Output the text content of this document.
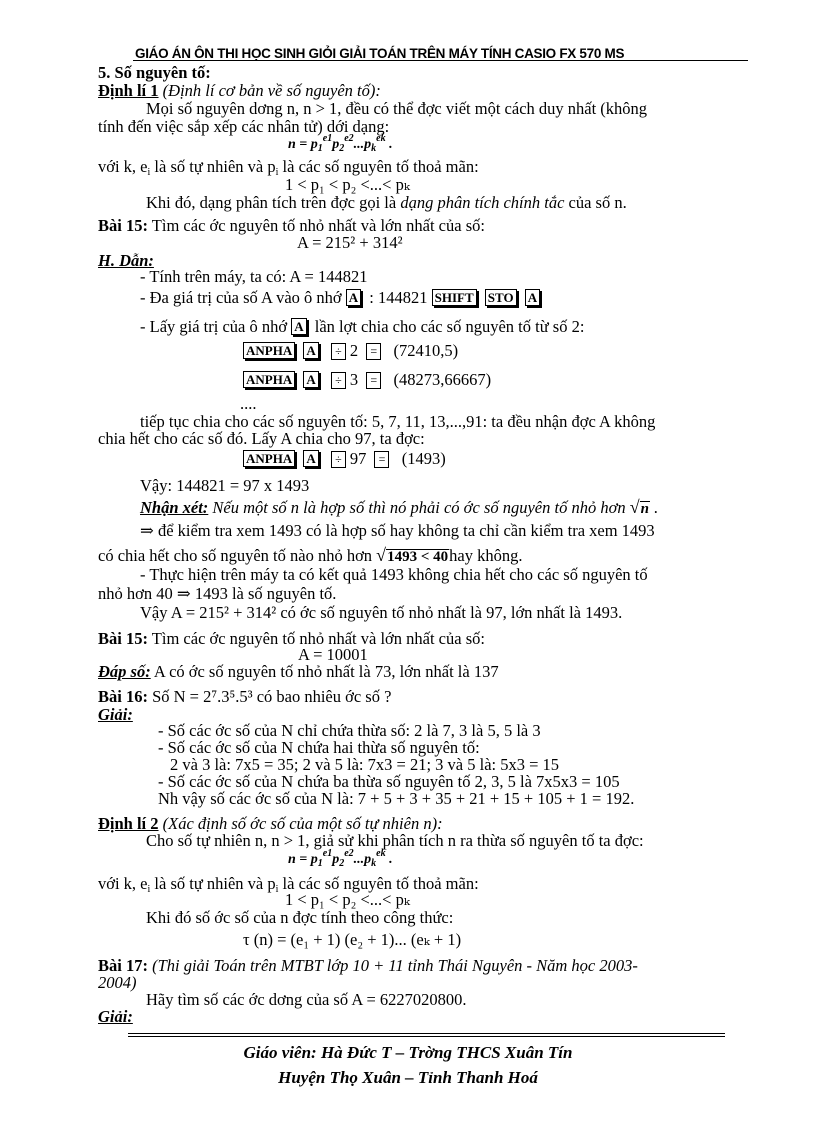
GIÁO ÁN ÔN THI HỌC SINH GIỎI GIẢI TOÁN TRÊN MÁY TÍNH CASIO FX 570 MS
5. Số nguyên tố:
Định lí 1 (Định lí cơ bản về số nguyên tố):
Mọi số nguyên dơng n, n > 1, đều có thể đợc viết một cách duy nhất (không
tính đến việc sắp xếp các nhân tử) dới dạng:
$n = p_1^{e1}p_2^{e2}...p_k^{ek}$ .
với k, $e_i$ là số tự nhiên và $p_i$ là các số nguyên tố thoả mãn:
1 < p₁ < p₂ <...< pₖ
Khi đó, dạng phân tích trên đợc gọi là dạng phân tích chính tắc của số n.
Bài 15: Tìm các ớc nguyên tố nhỏ nhất và lớn nhất của số:
A = 215² + 314²
H. Dẫn:
- Tính trên máy, ta có: A = 144821
- Đa giá trị của số A vào ô nhớ A : 144821 SHIFT STO A
- Lấy giá trị của ô nhớ A lần lợt chia cho các số nguyên tố từ số 2:
ANPHA A ÷ 2 = (72410,5)
ANPHA A ÷ 3 = (48273,66667)
....
tiếp tục chia cho các số nguyên tố: 5, 7, 11, 13,...,91: ta đều nhận đợc A không
chia hết cho các số đó. Lấy A chia cho 97, ta đợc:
ANPHA A ÷ 97 = (1493)
Vậy: 144821 = 97 x 1493
Nhận xét: Nếu một số n là hợp số thì nó phải có ớc số nguyên tố nhỏ hơn √n .
⇒ để kiểm tra xem 1493 có là hợp số hay không ta chỉ cần kiểm tra xem 1493
có chia hết cho số nguyên tố nào nhỏ hơn √1493 < 40hay không.
- Thực hiện trên máy ta có kết quả 1493 không chia hết cho các số nguyên tố
nhỏ hơn 40 ⇒ 1493 là số nguyên tố.
Vậy A = 215² + 314² có ớc số nguyên tố nhỏ nhất là 97, lớn nhất là 1493.
Bài 15: Tìm các ớc nguyên tố nhỏ nhất và lớn nhất của số:
A = 10001
Đáp số: A có ớc số nguyên tố nhỏ nhất là 73, lớn nhất là 137
Bài 16: Số N = 2⁷.3⁵.5³ có bao nhiêu ớc số ?
Giải:
- Số các ớc số của N chỉ chứa thừa số: 2 là 7, 3 là 5, 5 là 3
- Số các ớc số của N chứa hai thừa số nguyên tố:
2 và 3 là: 7x5 = 35; 2 và 5 là: 7x3 = 21; 3 và 5 là: 5x3 = 15
- Số các ớc số của N chứa ba thừa số nguyên tố 2, 3, 5 là 7x5x3 = 105
Nh vậy số các ớc số của N là: 7 + 5 + 3 + 35 + 21 + 15 + 105 + 1 = 192.
Định lí 2 (Xác định số ớc số của một số tự nhiên n):
Cho số tự nhiên n, n > 1, giả sử khi phân tích n ra thừa số nguyên tố ta đợc:
$n = p_1^{e1}p_2^{e2}...p_k^{ek}$ .
với k, $e_i$ là số tự nhiên và $p_i$ là các số nguyên tố thoả mãn:
1 < p₁ < p₂ <...< pₖ
Khi đó số ớc số của n đợc tính theo công thức:
τ (n) = (e₁ + 1) (e₂ + 1)... (eₖ + 1)
Bài 17: (Thi giải Toán trên MTBT lớp 10 + 11 tỉnh Thái Nguyên - Năm học 2003-
2004)
Hãy tìm số các ớc dơng của số A = 6227020800.
Giải:
Giáo viên: Hà Đức T – Trờng THCS Xuân Tín
Huyện Thọ Xuân – Tỉnh Thanh Hoá
